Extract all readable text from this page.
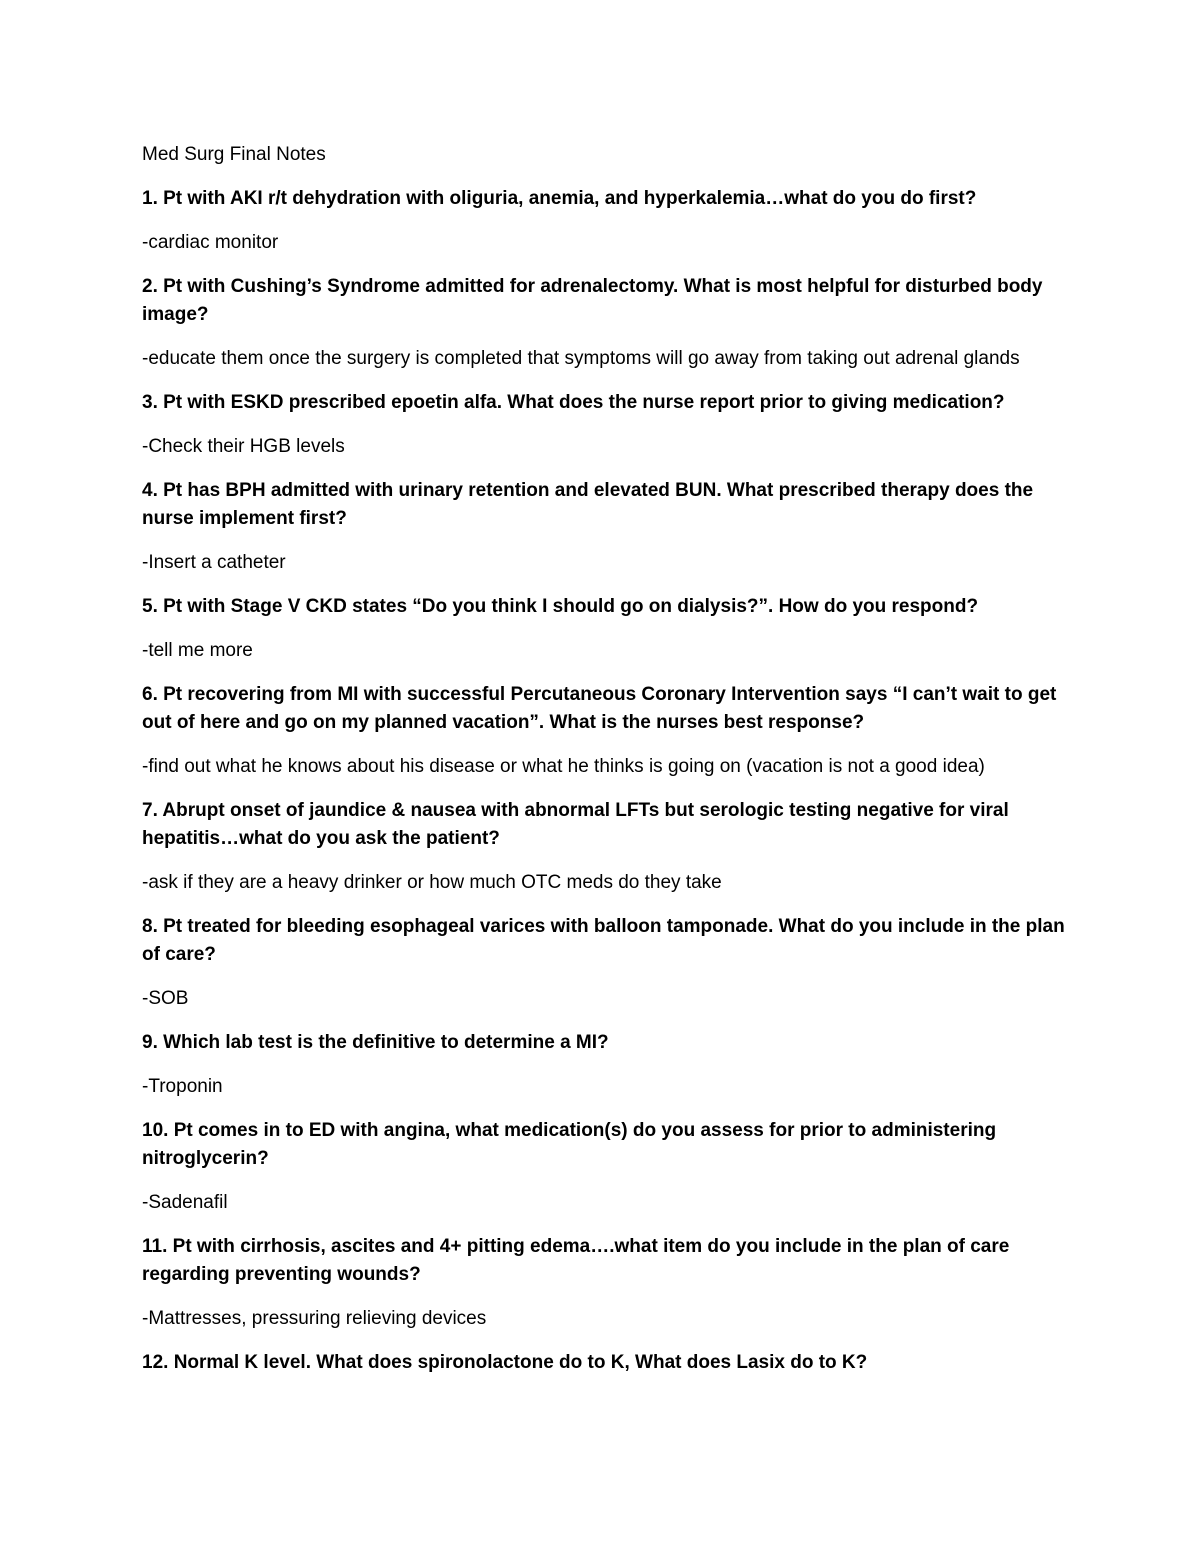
Med Surg Final Notes

1. Pt with AKI r/t dehydration with oliguria, anemia, and hyperkalemia…what do you do first?

-cardiac monitor

2. Pt with Cushing’s Syndrome admitted for adrenalectomy. What is most helpful for disturbed body image?

-educate them once the surgery is completed that symptoms will go away from taking out adrenal glands

3. Pt with ESKD prescribed epoetin alfa. What does the nurse report prior to giving medication?

-Check their HGB levels

4. Pt has BPH admitted with urinary retention and elevated BUN. What prescribed therapy does the nurse implement first?

-Insert a catheter

5. Pt with Stage V CKD states “Do you think I should go on dialysis?”. How do you respond?

-tell me more

6. Pt recovering from MI with successful Percutaneous Coronary Intervention says “I can’t wait to get out of here and go on my planned vacation”. What is the nurses best response?

-find out what he knows about his disease or what he thinks is going on (vacation is not a good idea)

7. Abrupt onset of jaundice & nausea with abnormal LFTs but serologic testing negative for viral hepatitis…what do you ask the patient?

-ask if they are a heavy drinker or how much OTC meds do they take

8. Pt treated for bleeding esophageal varices with balloon tamponade. What do you include in the plan of care?

-SOB

9. Which lab test is the definitive to determine a MI?

-Troponin

10. Pt comes in to ED with angina, what medication(s) do you assess for prior to administering nitroglycerin?

-Sadenafil

11. Pt with cirrhosis, ascites and 4+ pitting edema….what item do you include in the plan of care regarding preventing wounds?

-Mattresses, pressuring relieving devices

12. Normal K level. What does spironolactone do to K, What does Lasix do to K?
